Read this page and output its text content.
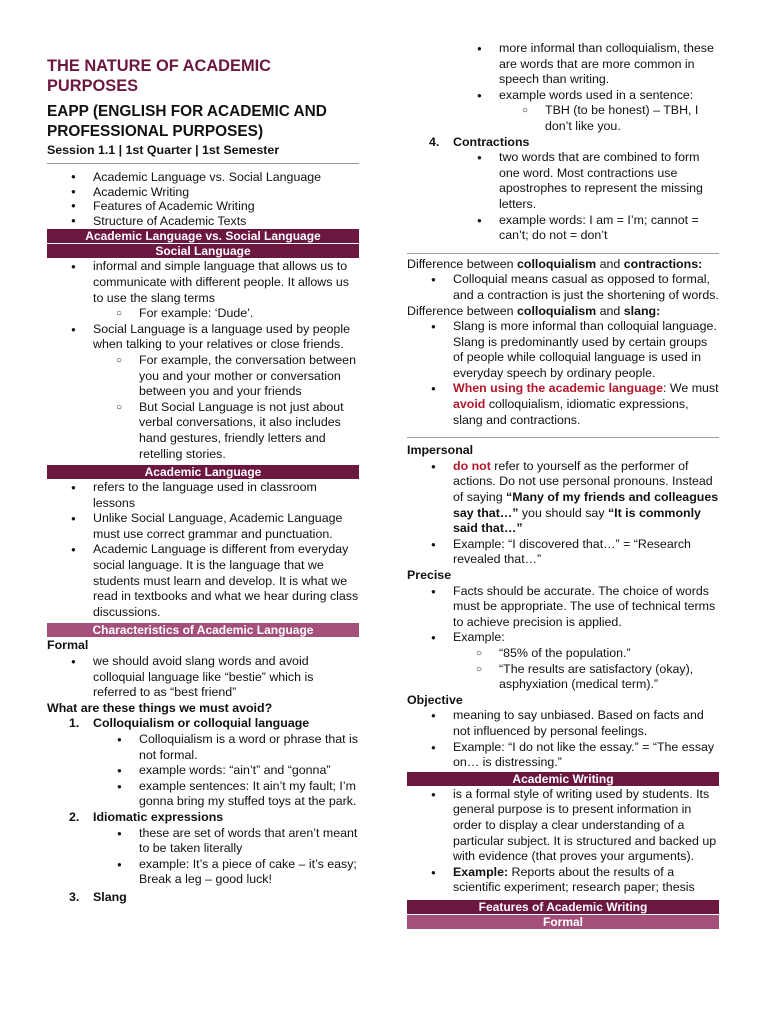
THE NATURE OF ACADEMIC
PURPOSES

EAPP (ENGLISH FOR ACADEMIC AND
PROFESSIONAL PURPOSES)

Session 1.1 | 1st Quarter | 1st Semester

● Academic Language vs. Social Language
● Academic Writing
● Features of Academic Writing
● Structure of Academic Texts
Academic Language vs. Social Language
Social Language
● informal and simple language that allows us to communicate with different people. It allows us to use the slang terms
○ For example: ‘Dude’.
● Social Language is a language used by people when talking to your relatives or close friends.
○ For example, the conversation between you and your mother or conversation between you and your friends
○ But Social Language is not just about verbal conversations, it also includes hand gestures, friendly letters and retelling stories.
Academic Language
● refers to the language used in classroom lessons
● Unlike Social Language, Academic Language must use correct grammar and punctuation.
● Academic Language is different from everyday social language. It is the language that we students must learn and develop. It is what we read in textbooks and what we hear during class discussions.
Characteristics of Academic Language

Formal

● we should avoid slang words and avoid colloquial language like “bestie” which is referred to as “best friend”

What are these things we must avoid?

1. Colloquialism or colloquial language
● Colloquialism is a word or phrase that is not formal.
● example words: “ain’t” and “gonna”
● example sentences: It ain’t my fault; I’m gonna bring my stuffed toys at the park.
2. Idiomatic expressions
● these are set of words that aren’t meant to be taken literally
● example: It’s a piece of cake – it’s easy; Break a leg – good luck!
3. Slang
● more informal than colloquialism, these are words that are more common in speech than writing.
● example words used in a sentence:
○ TBH (to be honest) – TBH, I don’t like you.
4. Contractions
● two words that are combined to form one word. Most contractions use apostrophes to represent the missing letters.
● example words: I am = I’m; cannot = can’t; do not = don’t

Difference between colloquialism and contractions:

● Colloquial means casual as opposed to formal, and a contraction is just the shortening of words.

Difference between colloquialism and slang:

● Slang is more informal than colloquial language. Slang is predominantly used by certain groups of people while colloquial language is used in everyday speech by ordinary people.
● When using the academic language: We must avoid colloquialism, idiomatic expressions, slang and contractions.

Impersonal

● do not refer to yourself as the performer of actions. Do not use personal pronouns. Instead of saying “Many of my friends and colleagues say that…” you should say “It is commonly said that…”
● Example: “I discovered that…” = “Research revealed that…”

Precise

● Facts should be accurate. The choice of words must be appropriate. The use of technical terms to achieve precision is applied.
● Example:
○ “85% of the population.”
○ “The results are satisfactory (okay), asphyxiation (medical term).”

Objective

● meaning to say unbiased. Based on facts and not influenced by personal feelings.
● Example: “I do not like the essay.” = “The essay on… is distressing.”
Academic Writing
● is a formal style of writing used by students. Its general purpose is to present information in order to display a clear understanding of a particular subject. It is structured and backed up with evidence (that proves your arguments).
● Example: Reports about the results of a scientific experiment; research paper; thesis
Features of Academic Writing
Formal
